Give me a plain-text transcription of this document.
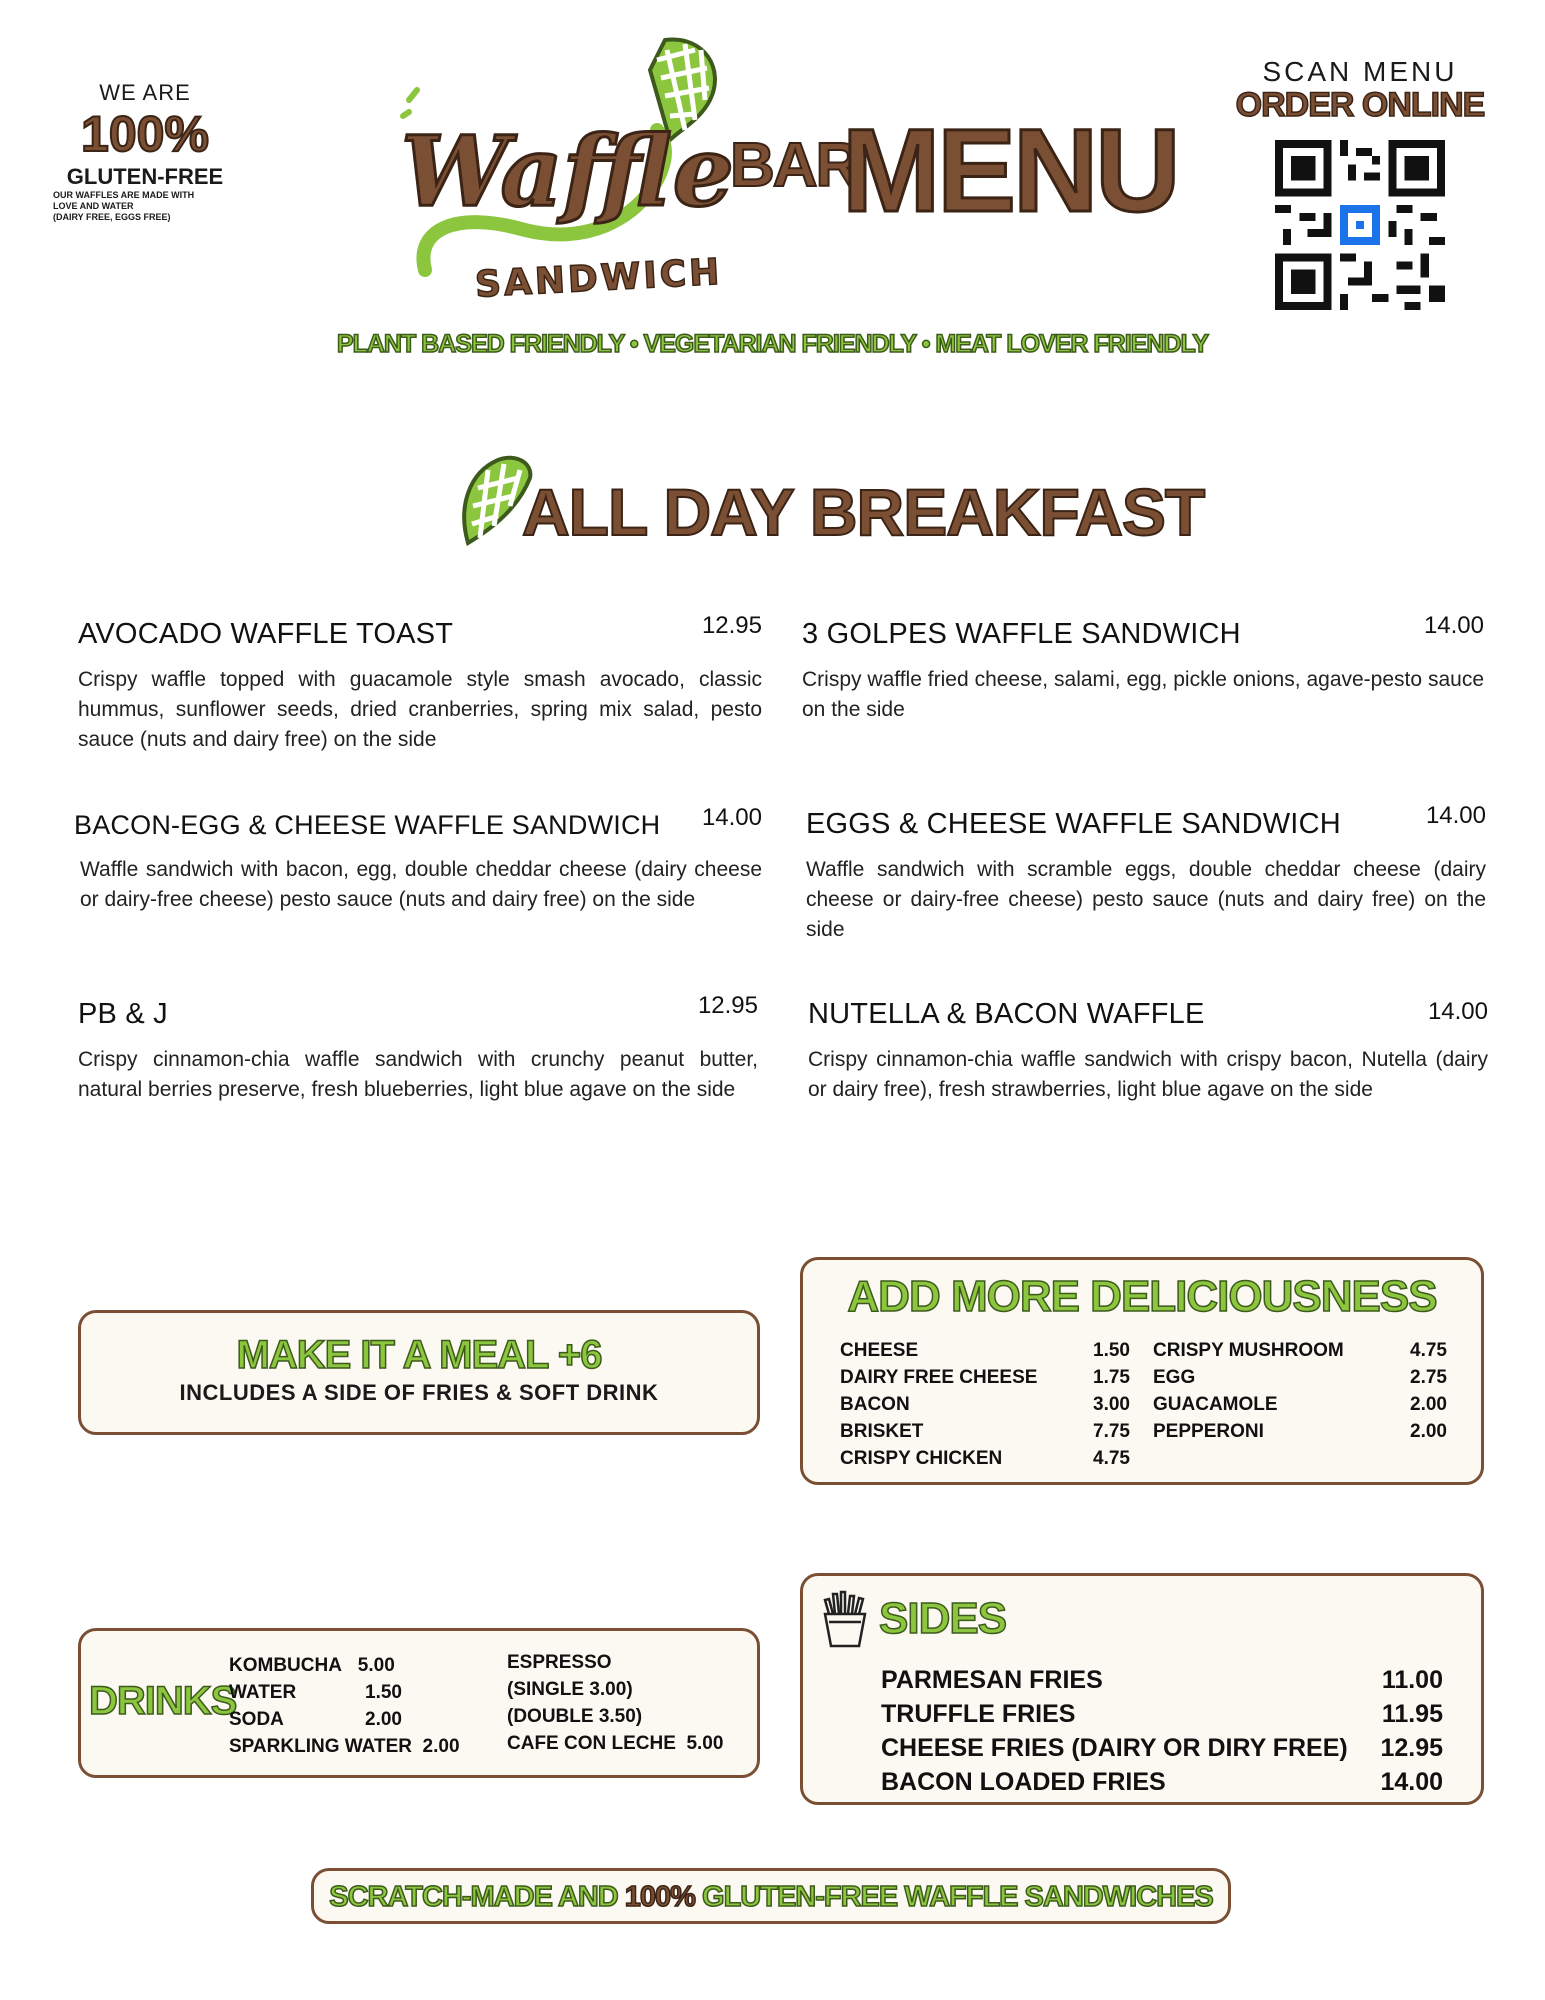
WE ARE
100%
GLUTEN-FREE
OUR WAFFLES ARE MADE WITH
LOVE AND WATER
(DAIRY FREE, EGGS FREE)	Waffle
SANDWICH
BAR
MENU
SCAN MENU
ORDER ONLINE
PLANT BASED FRIENDLY • VEGETARIAN FRIENDLY • MEAT LOVER FRIENDLY
ALL DAY BREAKFAST
AVOCADO WAFFLE TOAST	12.95
Crispy waffle topped with guacamole style smash avocado, classic hummus, sunflower seeds, dried cranberries, spring mix salad, pesto sauce (nuts and dairy free) on the side
3 GOLPES WAFFLE SANDWICH	14.00
Crispy waffle fried cheese, salami, egg, pickle onions, agave-pesto sauce on the side
BACON-EGG & CHEESE WAFFLE SANDWICH	14.00
Waffle sandwich with bacon, egg, double cheddar cheese (dairy cheese or dairy-free cheese) pesto sauce (nuts and dairy free) on the side
EGGS & CHEESE WAFFLE SANDWICH	14.00
Waffle sandwich with scramble eggs, double cheddar cheese (dairy cheese or dairy-free cheese) pesto sauce (nuts and dairy free) on the side
PB & J	12.95
Crispy cinnamon-chia waffle sandwich with crunchy peanut butter, natural berries preserve, fresh blueberries, light blue agave on the side
NUTELLA & BACON WAFFLE	14.00
Crispy cinnamon-chia waffle sandwich with crispy bacon, Nutella (dairy or dairy free), fresh strawberries, light blue agave on the side
MAKE IT A MEAL +6
INCLUDES A SIDE OF FRIES & SOFT DRINK
ADD MORE DELICIOUSNESS
CHEESE	1.50
DAIRY FREE CHEESE	1.75
BACON	3.00
BRISKET	7.75
CRISPY CHICKEN	4.75
CRISPY MUSHROOM	4.75
EGG	2.75
GUACAMOLE	2.00
PEPPERONI	2.00
DRINKS
KOMBUCHA 5.00
WATER	1.50
SODA	2.00
SPARKLING WATER 2.00
ESPRESSO
(SINGLE 3.00)
(DOUBLE 3.50)
CAFE CON LECHE  5.00
SIDES
PARMESAN FRIES	11.00
TRUFFLE FRIES	11.95
CHEESE FRIES (DAIRY OR DIRY FREE) 12.95
BACON LOADED FRIES	14.00
SCRATCH-MADE AND 100% GLUTEN-FREE WAFFLE SANDWICHES
